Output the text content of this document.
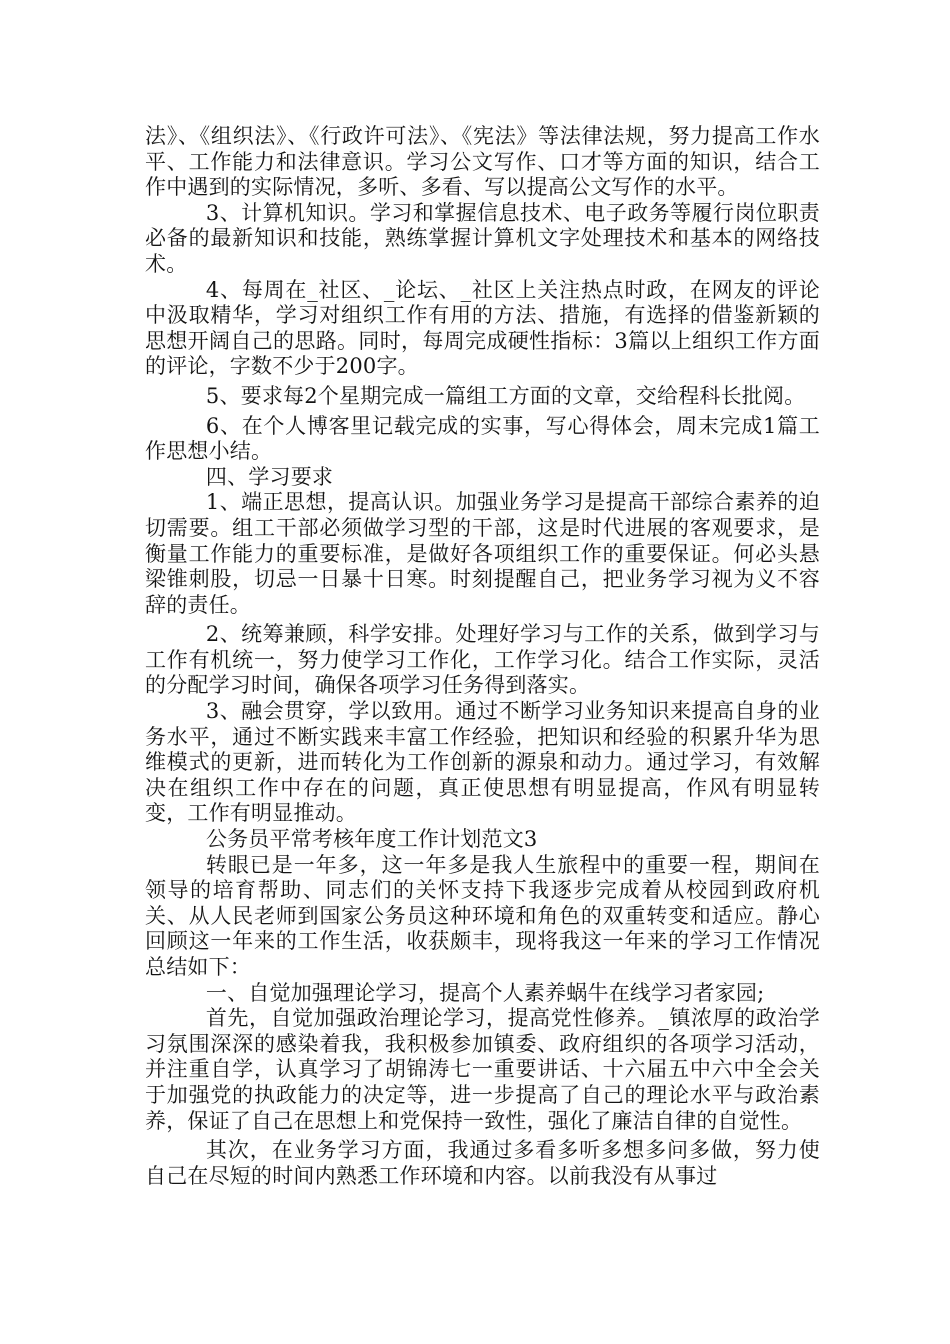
法》、《组织法》、《行政许可法》、《宪法》等法律法规，努力提高工作水平、工作能力和法律意识。学习公文写作、口才等方面的知识，结合工作中遇到的实际情况，多听、多看、写以提高公文写作的水平。

3、计算机知识。学习和掌握信息技术、电子政务等履行岗位职责必备的最新知识和技能，熟练掌握计算机文字处理技术和基本的网络技术。

4、每周在_社区、_论坛、_社区上关注热点时政，在网友的评论中汲取精华，学习对组织工作有用的方法、措施，有选择的借鉴新颖的思想开阔自己的思路。同时，每周完成硬性指标：3篇以上组织工作方面的评论，字数不少于200字。

5、要求每2个星期完成一篇组工方面的文章，交给程科长批阅。

6、在个人博客里记载完成的实事，写心得体会，周末完成1篇工作思想小结。

四、学习要求

1、端正思想，提高认识。加强业务学习是提高干部综合素养的迫切需要。组工干部必须做学习型的干部，这是时代进展的客观要求，是衡量工作能力的重要标准，是做好各项组织工作的重要保证。何必头悬梁锥刺股，切忌一日暴十日寒。时刻提醒自己，把业务学习视为义不容辞的责任。

2、统筹兼顾，科学安排。处理好学习与工作的关系，做到学习与工作有机统一，努力使学习工作化，工作学习化。结合工作实际，灵活的分配学习时间，确保各项学习任务得到落实。

3、融会贯穿，学以致用。通过不断学习业务知识来提高自身的业务水平，通过不断实践来丰富工作经验，把知识和经验的积累升华为思维模式的更新，进而转化为工作创新的源泉和动力。通过学习，有效解决在组织工作中存在的问题，真正使思想有明显提高，作风有明显转变，工作有明显推动。

公务员平常考核年度工作计划范文3

转眼已是一年多，这一年多是我人生旅程中的重要一程，期间在领导的培育帮助、同志们的关怀支持下我逐步完成着从校园到政府机关、从人民老师到国家公务员这种环境和角色的双重转变和适应。静心回顾这一年来的工作生活，收获颇丰，现将我这一年来的学习工作情况总结如下：

一、自觉加强理论学习，提高个人素养蜗牛在线学习者家园;

首先，自觉加强政治理论学习，提高党性修养。_镇浓厚的政治学习氛围深深的感染着我，我积极参加镇委、政府组织的各项学习活动，并注重自学，认真学习了胡锦涛七一重要讲话、十六届五中六中全会关于加强党的执政能力的决定等，进一步提高了自己的理论水平与政治素养，保证了自己在思想上和党保持一致性，强化了廉洁自律的自觉性。

其次，在业务学习方面，我通过多看多听多想多问多做，努力使自己在尽短的时间内熟悉工作环境和内容。以前我没有从事过
